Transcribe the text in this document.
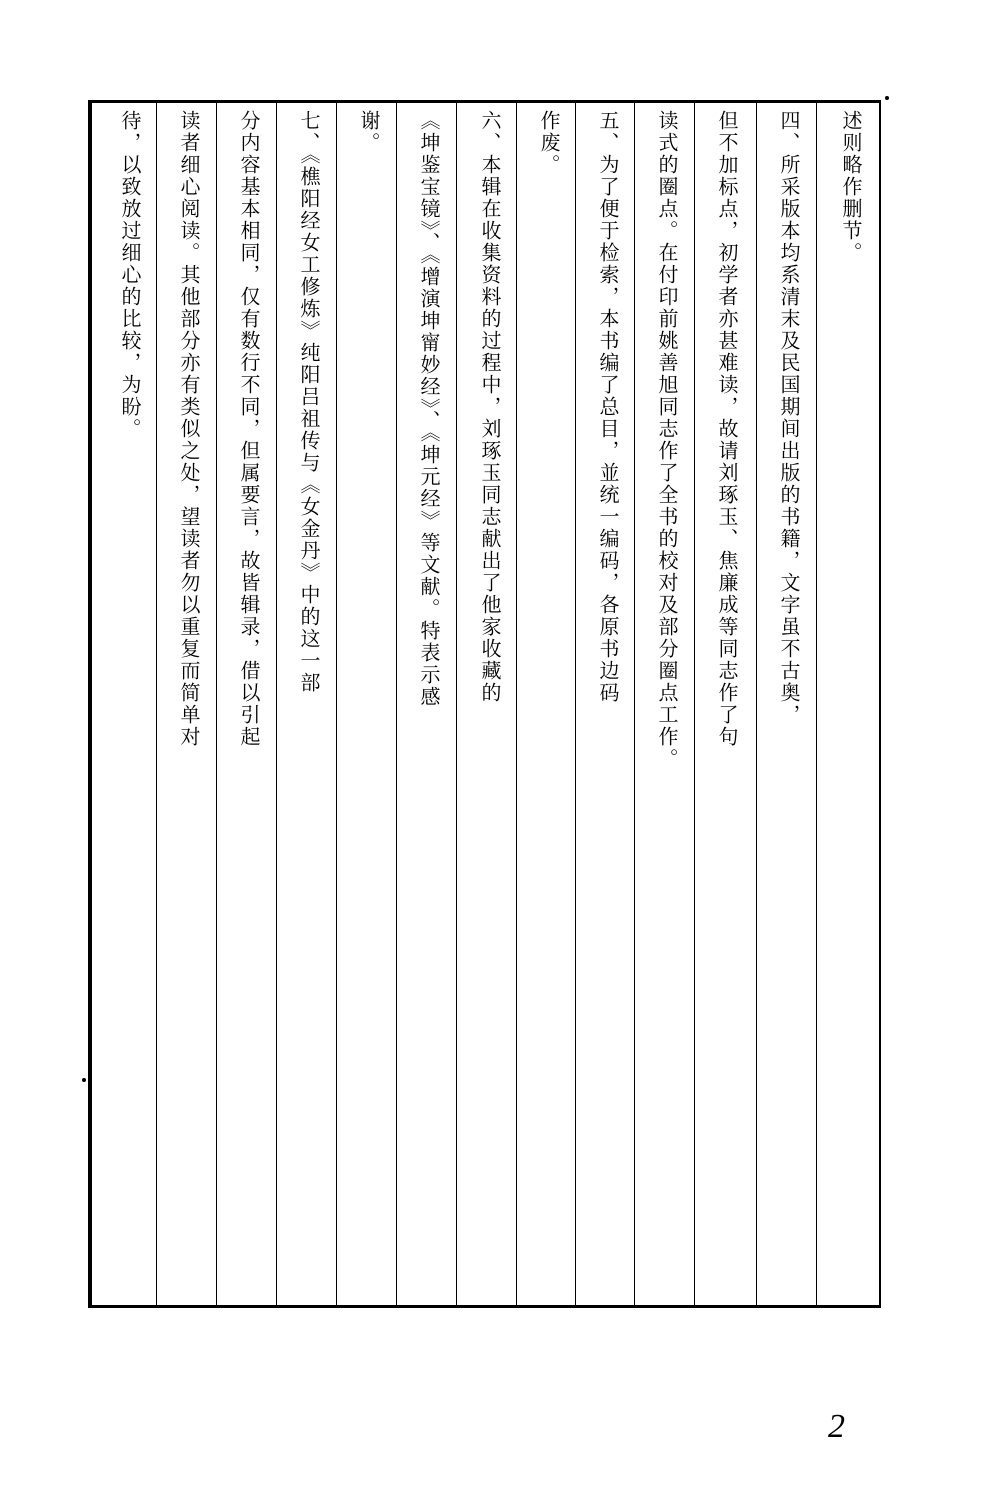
述则略作删节。
四、所采版本均系清末及民国期间出版的书籍，文字虽不古奥，
但不加标点，初学者亦甚难读，故请刘琢玉、焦廉成等同志作了句
读式的圈点。在付印前姚善旭同志作了全书的校对及部分圈点工作。
五、为了便于检索，本书编了总目，並统一编码，各原书边码
作废。
六、本辑在收集资料的过程中，刘琢玉同志献出了他家收藏的
《坤鉴宝镜》、《增演坤甯妙经》、《坤元经》等文献。特表示感
谢。
七、《樵阳经女工修炼》纯阳吕祖传与《女金丹》中的这一部
分内容基本相同，仅有数行不同，但属要言，故皆辑录，借以引起
读者细心阅读。其他部分亦有类似之处，望读者勿以重复而简单对
待，以致放过细心的比较，为盼。
2
